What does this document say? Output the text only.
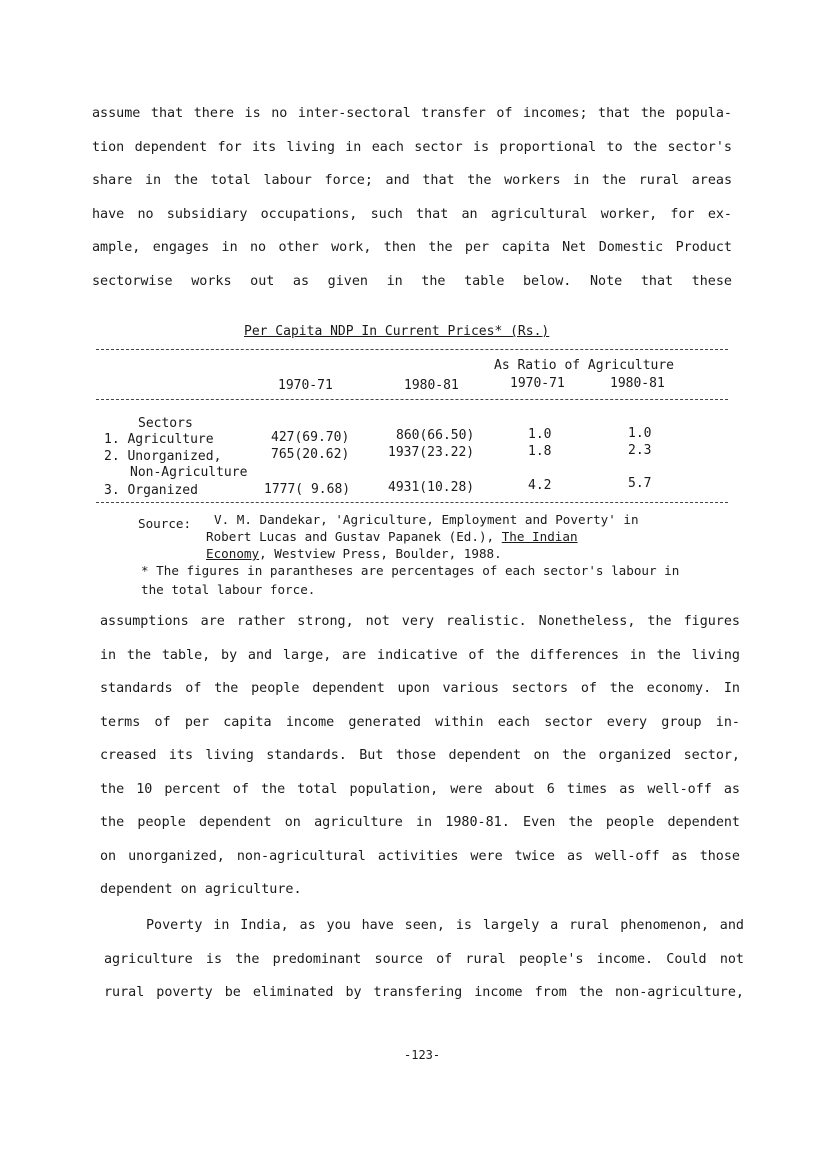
assume that there is no inter-sectoral transfer of incomes; that the popula-
tion dependent for its living in each sector is proportional to the sector's
share in the total labour force; and that the workers in the rural areas
have no subsidiary occupations, such that an agricultural worker, for ex-
ample, engages in no other work, then the per capita Net Domestic Product
sectorwise works out as given in the table below. Note that these
Per Capita NDP In Current Prices* (Rs.)
As Ratio of Agriculture
1970-71	1980-81	1970-71	1980-81
Sectors
1. Agriculture	427(69.70)	860(66.50)	1.0	1.0
2. Unorganized,	765(20.62)	1937(23.22)	1.8	2.3
Non-Agriculture
3. Organized	1777( 9.68)	4931(10.28)	4.2	5.7
Source: V. M. Dandekar, 'Agriculture, Employment and Poverty' in
Robert Lucas and Gustav Papanek (Ed.), The Indian
Economy, Westview Press, Boulder, 1988.
* The figures in parantheses are percentages of each sector's labour in
the total labour force.
assumptions are rather strong, not very realistic. Nonetheless, the figures
in the table, by and large, are indicative of the differences in the living
standards of the people dependent upon various sectors of the economy. In
terms of per capita income generated within each sector every group in-
creased its living standards. But those dependent on the organized sector,
the 10 percent of the total population, were about 6 times as well-off as
the people dependent on agriculture in 1980-81. Even the people dependent
on unorganized, non-agricultural activities were twice as well-off as those
dependent on agriculture.
Poverty in India, as you have seen, is largely a rural phenomenon, and
agriculture is the predominant source of rural people's income. Could not
rural poverty be eliminated by transfering income from the non-agriculture,
-123-
